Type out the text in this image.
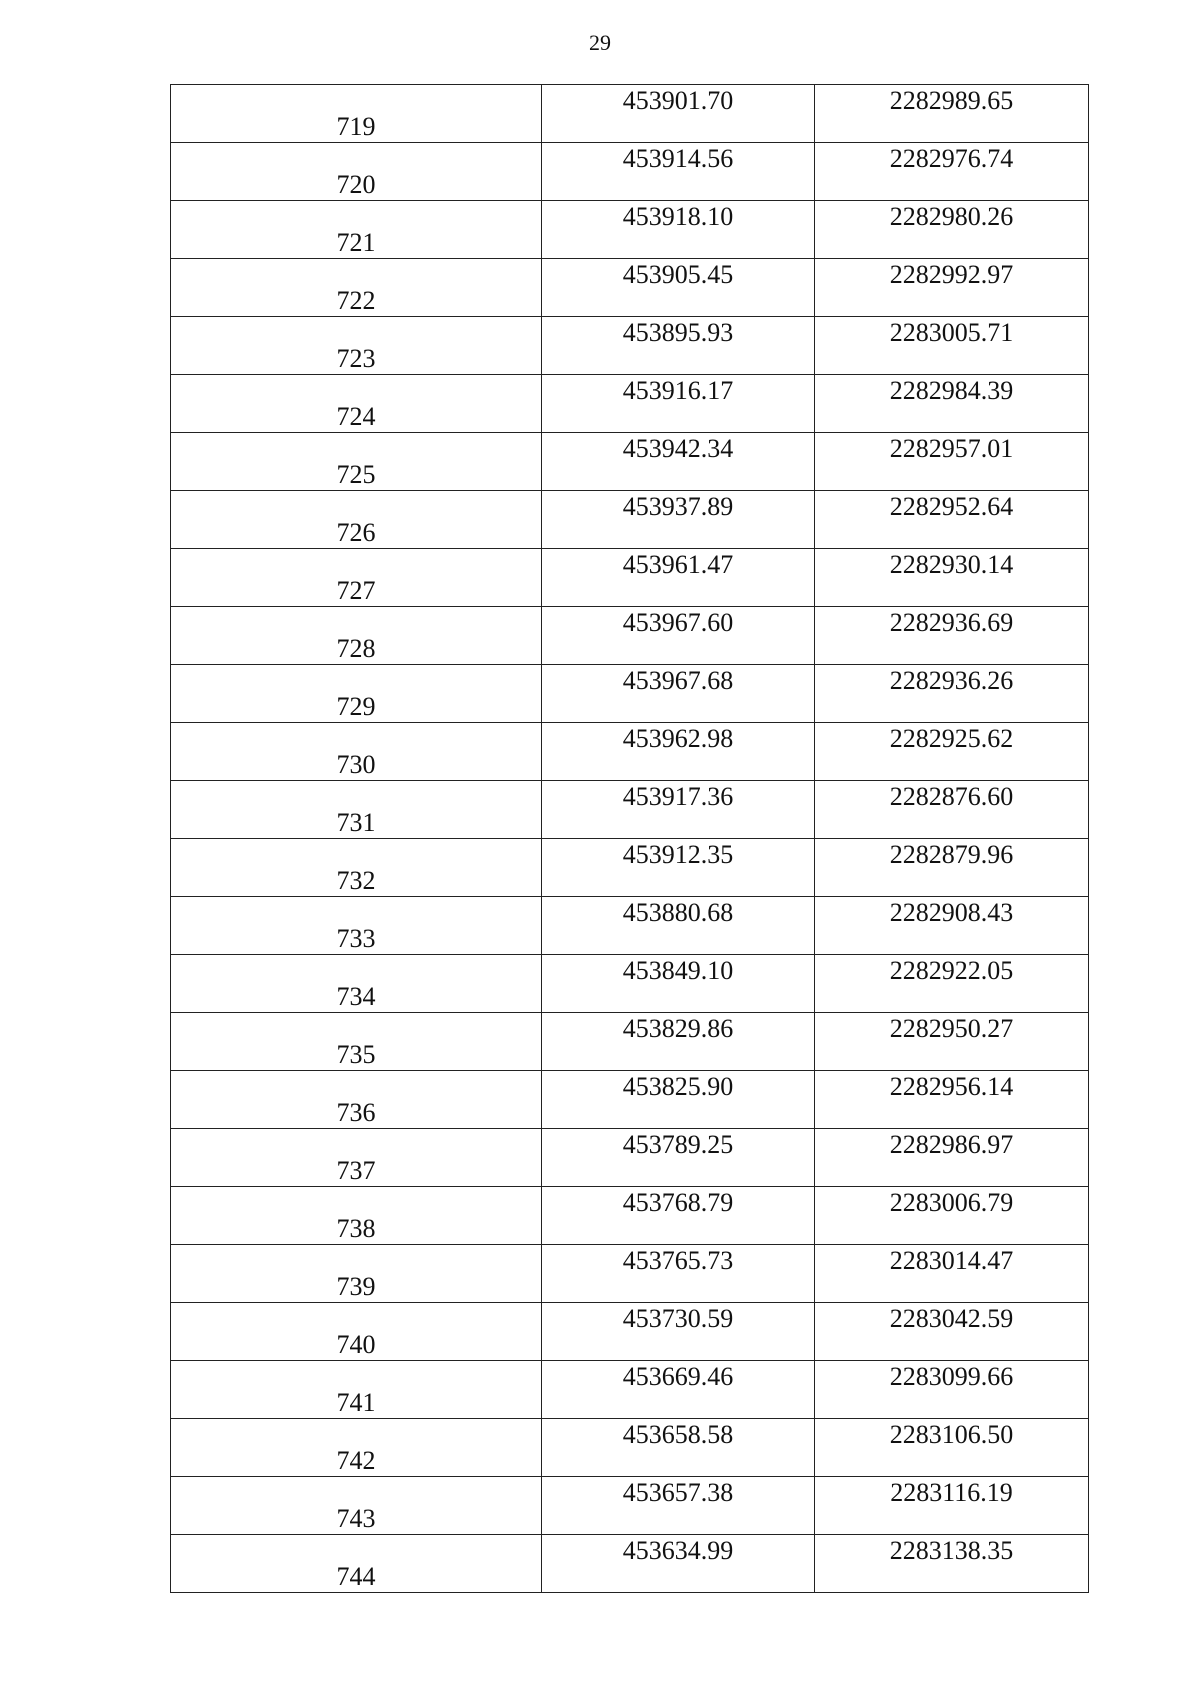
29
719	453901.70	2282989.65
720	453914.56	2282976.74
721	453918.10	2282980.26
722	453905.45	2282992.97
723	453895.93	2283005.71
724	453916.17	2282984.39
725	453942.34	2282957.01
726	453937.89	2282952.64
727	453961.47	2282930.14
728	453967.60	2282936.69
729	453967.68	2282936.26
730	453962.98	2282925.62
731	453917.36	2282876.60
732	453912.35	2282879.96
733	453880.68	2282908.43
734	453849.10	2282922.05
735	453829.86	2282950.27
736	453825.90	2282956.14
737	453789.25	2282986.97
738	453768.79	2283006.79
739	453765.73	2283014.47
740	453730.59	2283042.59
741	453669.46	2283099.66
742	453658.58	2283106.50
743	453657.38	2283116.19
744	453634.99	2283138.35
